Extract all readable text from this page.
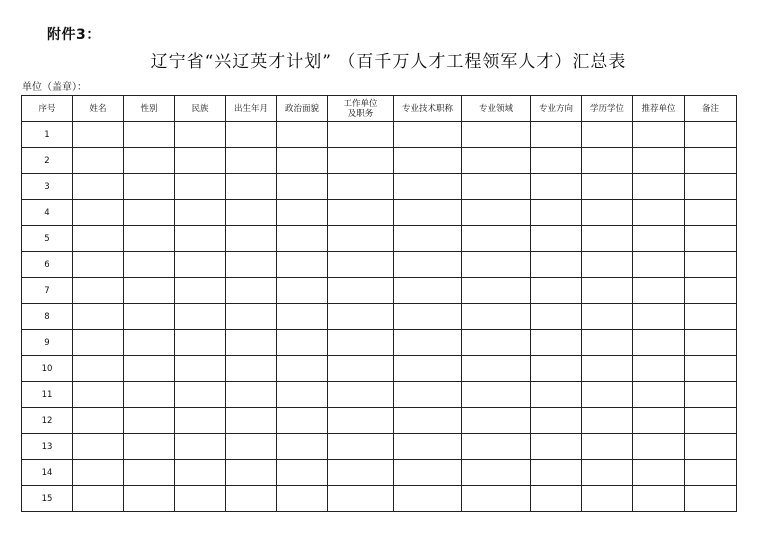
附件3：
辽宁省“兴辽英才计划” （百千万人才工程领军人才）汇总表
单位（盖章）：
序号	姓名	性别	民族	出生年月	政治面貌	工作单位及职务	专业技术职称	专业领域	专业方向	学历学位	推荐单位	备注
1												
2												
3												
4												
5												
6												
7												
8												
9												
10												
11												
12												
13												
14												
15												
